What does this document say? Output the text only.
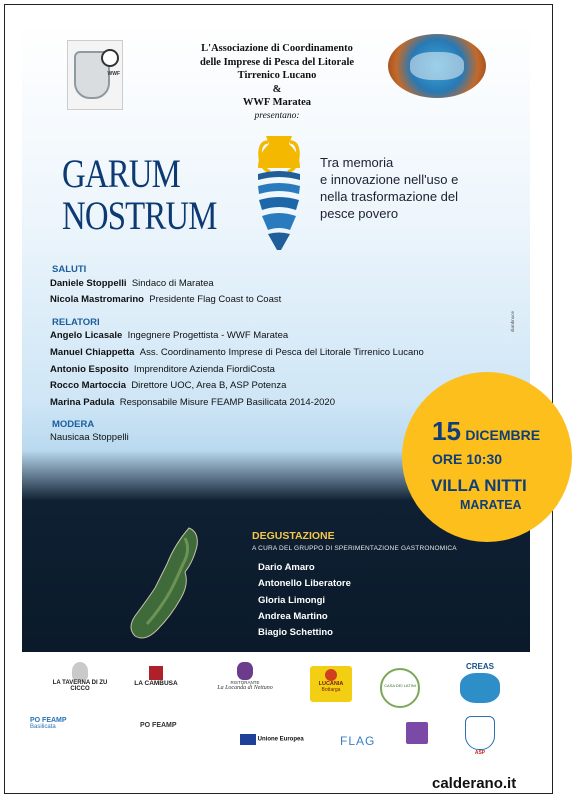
WWF
L'Associazione di Coordinamento
delle Imprese di Pesca del Litorale
Tirrenico Lucano
&
WWF Maratea
presentano:
GARUM
NOSTRUM
Tra memoria
e innovazione nell'uso e
nella trasformazione del
pesce povero
dumbnuce
SALUTI
Daniele Stoppelli Sindaco di Maratea
Nicola Mastromarino Presidente Flag Coast to Coast
RELATORI
Angelo Licasale Ingegnere Progettista - WWF Maratea
Manuel Chiappetta Ass. Coordinamento Imprese di Pesca del Litorale Tirrenico Lucano
Antonio Esposito Imprenditore Azienda FiordiCosta
Rocco Martoccia Direttore UOC, Area B, ASP Potenza
Marina Padula Responsabile Misure FEAMP Basilicata 2014-2020
MODERA
Nausicaa Stoppelli	15 DICEMBRE
ORE 10:30
VILLA NITTI
MARATEA
DEGUSTAZIONE
A CURA DEL GRUPPO DI SPERIMENTAZIONE GASTRONOMICA
Dario Amaro
Antonello Liberatore
Gloria Limongi
Andrea Martino
Biagio Schettino
LA TAVERNA DI ZU CICCO
LA CAMBUSA	RISTORANTE
La Locanda di Nettuno
LUCANIA
Bottarga
CASA DEI LATINI
CREAS
PO FEAMP
Basilicata	PO FEAMP
Unione Europea	FLAG
ASP
calderano.it
